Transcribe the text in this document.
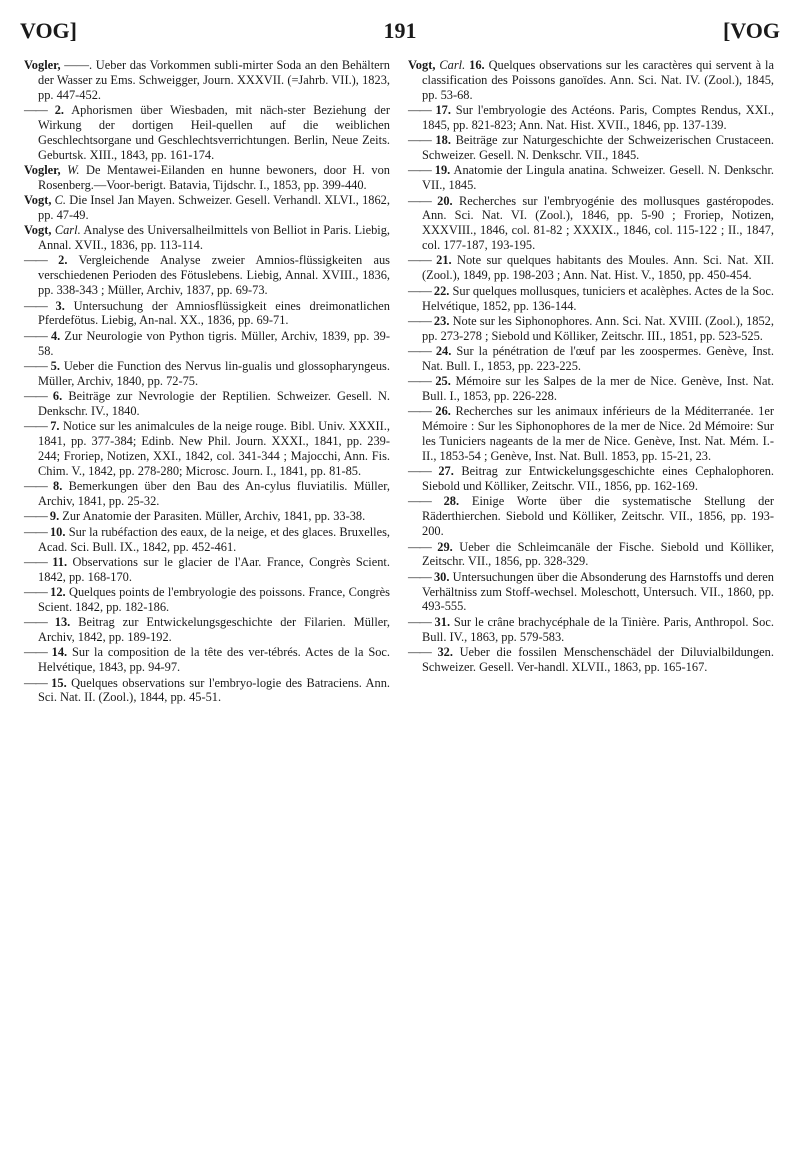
VOG]	191	[VOG

Vogler, ——. Ueber das Vorkommen subli-mirter Soda an den Behältern der Wasser zu Ems. Schweigger, Journ. XXXVII. (=Jahrb. VII.), 1823, pp. 447-452.

—— 2. Aphorismen über Wiesbaden, mit näch-ster Beziehung der Wirkung der dortigen Heil-quellen auf die weiblichen Geschlechtsorgane und Geschlechtsverrichtungen. Berlin, Neue Zeits. Geburtsk. XIII., 1843, pp. 161-174.

Vogler, W. De Mentawei-Eilanden en hunne bewoners, door H. von Rosenberg.—Voor-berigt. Batavia, Tijdschr. I., 1853, pp. 399-440.

Vogt, C. Die Insel Jan Mayen. Schweizer. Gesell. Verhandl. XLVI., 1862, pp. 47-49.

Vogt, Carl. Analyse des Universalheilmittels von Belliot in Paris. Liebig, Annal. XVII., 1836, pp. 113-114.

—— 2. Vergleichende Analyse zweier Amnios-flüssigkeiten aus verschiedenen Perioden des Fötuslebens. Liebig, Annal. XVIII., 1836, pp. 338-343 ; Müller, Archiv, 1837, pp. 69-73.

—— 3. Untersuchung der Amniosflüssigkeit eines dreimonatlichen Pferdefötus. Liebig, An-nal. XX., 1836, pp. 69-71.

—— 4. Zur Neurologie von Python tigris. Müller, Archiv, 1839, pp. 39-58.

—— 5. Ueber die Function des Nervus lin-gualis und glossopharyngeus. Müller, Archiv, 1840, pp. 72-75.

—— 6. Beiträge zur Nevrologie der Reptilien. Schweizer. Gesell. N. Denkschr. IV., 1840.

—— 7. Notice sur les animalcules de la neige rouge. Bibl. Univ. XXXII., 1841, pp. 377-384; Edinb. New Phil. Journ. XXXI., 1841, pp. 239-244; Froriep, Notizen, XXI., 1842, col. 341-344 ; Majocchi, Ann. Fis. Chim. V., 1842, pp. 278-280; Microsc. Journ. I., 1841, pp. 81-85.

—— 8. Bemerkungen über den Bau des An-cylus fluviatilis. Müller, Archiv, 1841, pp. 25-32.

—— 9. Zur Anatomie der Parasiten. Müller, Archiv, 1841, pp. 33-38.

—— 10. Sur la rubéfaction des eaux, de la neige, et des glaces. Bruxelles, Acad. Sci. Bull. IX., 1842, pp. 452-461.

—— 11. Observations sur le glacier de l'Aar. France, Congrès Scient. 1842, pp. 168-170.

—— 12. Quelques points de l'embryologie des poissons. France, Congrès Scient. 1842, pp. 182-186.

—— 13. Beitrag zur Entwickelungsgeschichte der Filarien. Müller, Archiv, 1842, pp. 189-192.

—— 14. Sur la composition de la tête des ver-tébrés. Actes de la Soc. Helvétique, 1843, pp. 94-97.

—— 15. Quelques observations sur l'embryo-logie des Batraciens. Ann. Sci. Nat. II. (Zool.), 1844, pp. 45-51.

Vogt, Carl. 16. Quelques observations sur les caractères qui servent à la classification des Poissons ganoïdes. Ann. Sci. Nat. IV. (Zool.), 1845, pp. 53-68.

—— 17. Sur l'embryologie des Actéons. Paris, Comptes Rendus, XXI., 1845, pp. 821-823; Ann. Nat. Hist. XVII., 1846, pp. 137-139.

—— 18. Beiträge zur Naturgeschichte der Schweizerischen Crustaceen. Schweizer. Gesell. N. Denkschr. VII., 1845.

—— 19. Anatomie der Lingula anatina. Schweizer. Gesell. N. Denkschr. VII., 1845.

—— 20. Recherches sur l'embryogénie des mollusques gastéropodes. Ann. Sci. Nat. VI. (Zool.), 1846, pp. 5-90 ; Froriep, Notizen, XXXVIII., 1846, col. 81-82 ; XXXIX., 1846, col. 115-122 ; II., 1847, col. 177-187, 193-195.

—— 21. Note sur quelques habitants des Moules. Ann. Sci. Nat. XII. (Zool.), 1849, pp. 198-203 ; Ann. Nat. Hist. V., 1850, pp. 450-454.

—— 22. Sur quelques mollusques, tuniciers et acalèphes. Actes de la Soc. Helvétique, 1852, pp. 136-144.

—— 23. Note sur les Siphonophores. Ann. Sci. Nat. XVIII. (Zool.), 1852, pp. 273-278 ; Siebold und Kölliker, Zeitschr. III., 1851, pp. 523-525.

—— 24. Sur la pénétration de l'œuf par les zoospermes. Genève, Inst. Nat. Bull. I., 1853, pp. 223-225.

—— 25. Mémoire sur les Salpes de la mer de Nice. Genève, Inst. Nat. Bull. I., 1853, pp. 226-228.

—— 26. Recherches sur les animaux inférieurs de la Méditerranée. 1er Mémoire : Sur les Siphonophores de la mer de Nice. 2d Mémoire: Sur les Tuniciers nageants de la mer de Nice. Genève, Inst. Nat. Mém. I.-II., 1853-54 ; Genève, Inst. Nat. Bull. 1853, pp. 15-21, 23.

—— 27. Beitrag zur Entwickelungsgeschichte eines Cephalophoren. Siebold und Kölliker, Zeitschr. VII., 1856, pp. 162-169.

—— 28. Einige Worte über die systematische Stellung der Räderthierchen. Siebold und Kölliker, Zeitschr. VII., 1856, pp. 193-200.

—— 29. Ueber die Schleimcanäle der Fische. Siebold und Kölliker, Zeitschr. VII., 1856, pp. 328-329.

—— 30. Untersuchungen über die Absonderung des Harnstoffs und deren Verhältniss zum Stoff-wechsel. Moleschott, Untersuch. VII., 1860, pp. 493-555.

—— 31. Sur le crâne brachycéphale de la Tinière. Paris, Anthropol. Soc. Bull. IV., 1863, pp. 579-583.

—— 32. Ueber die fossilen Menschenschädel der Diluvialbildungen. Schweizer. Gesell. Ver-handl. XLVII., 1863, pp. 165-167.
